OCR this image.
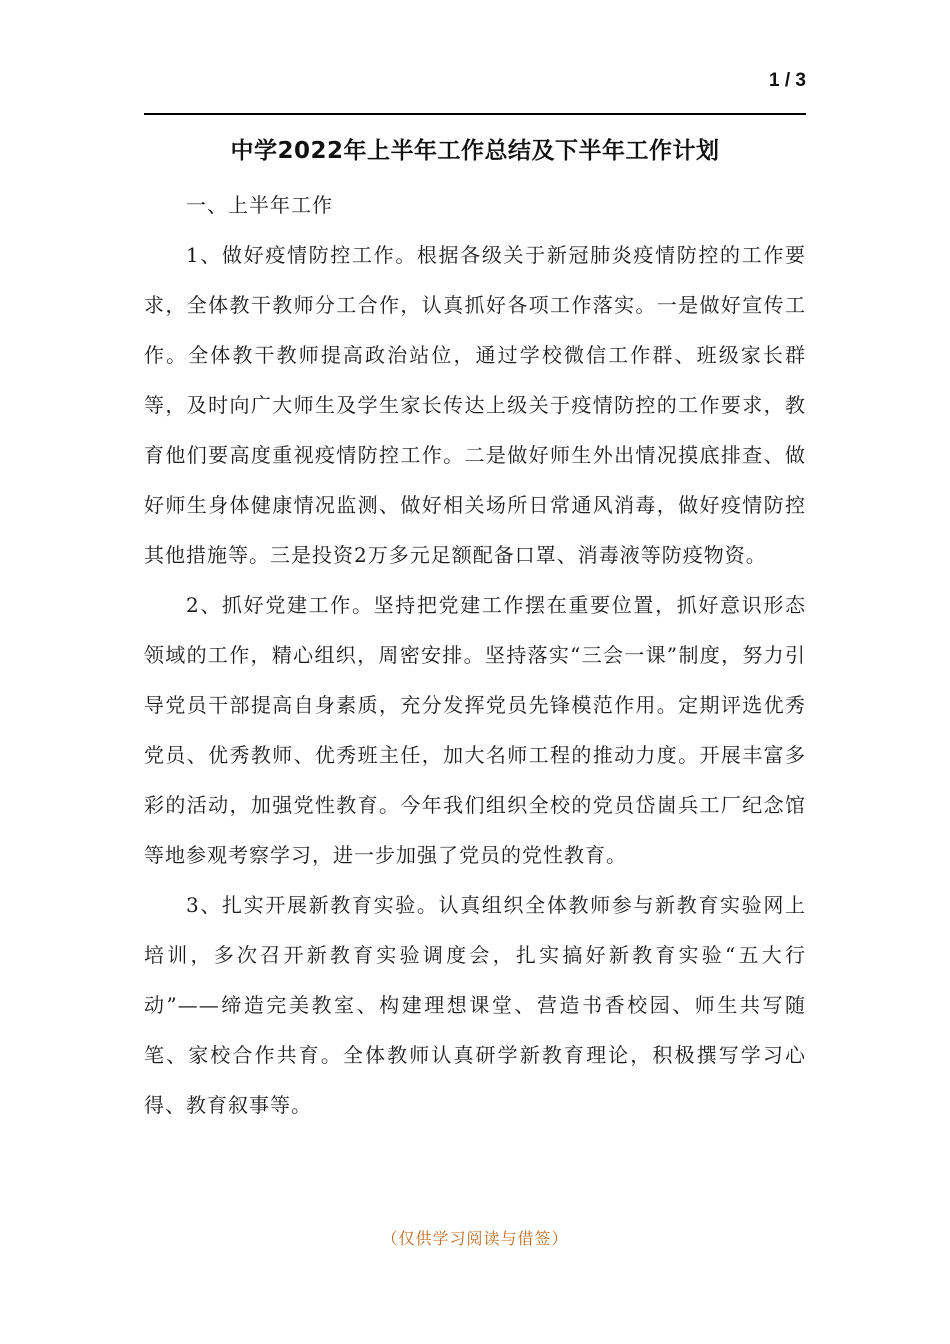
1 / 3
中学2022年上半年工作总结及下半年工作计划

一、上半年工作

1、做好疫情防控工作。根据各级关于新冠肺炎疫情防控的工作要求，全体教干教师分工合作，认真抓好各项工作落实。一是做好宣传工作。全体教干教师提高政治站位，通过学校微信工作群、班级家长群等，及时向广大师生及学生家长传达上级关于疫情防控的工作要求，教育他们要高度重视疫情防控工作。二是做好师生外出情况摸底排查、做好师生身体健康情况监测、做好相关场所日常通风消毒，做好疫情防控其他措施等。三是投资2万多元足额配备口罩、消毒液等防疫物资。

2、抓好党建工作。坚持把党建工作摆在重要位置，抓好意识形态领域的工作，精心组织，周密安排。坚持落实“三会一课”制度，努力引导党员干部提高自身素质，充分发挥党员先锋模范作用。定期评选优秀党员、优秀教师、优秀班主任，加大名师工程的推动力度。开展丰富多彩的活动，加强党性教育。今年我们组织全校的党员岱崮兵工厂纪念馆等地参观考察学习，进一步加强了党员的党性教育。

3、扎实开展新教育实验。认真组织全体教师参与新教育实验网上培训，多次召开新教育实验调度会，扎实搞好新教育实验“五大行动”——缔造完美教室、构建理想课堂、营造书香校园、师生共写随笔、家校合作共育。全体教师认真研学新教育理论，积极撰写学习心得、教育叙事等。

（仅供学习阅读与借签）
